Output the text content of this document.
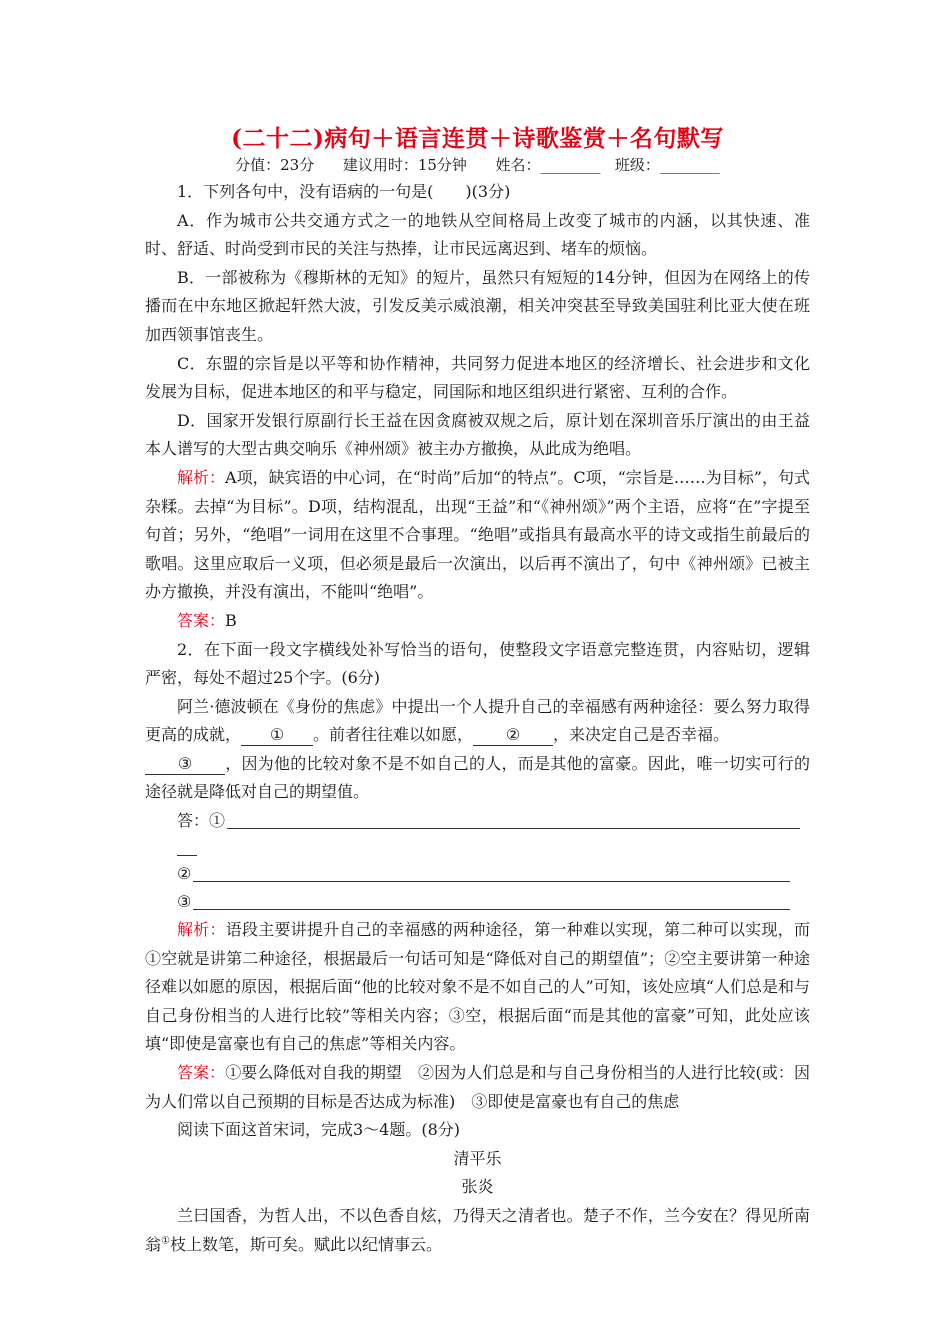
(二十二)病句＋语言连贯＋诗歌鉴赏＋名句默写
分值：23分 建议用时：15分钟 姓名：________ 班级：________

1．下列各句中，没有语病的一句是(　　)(3分)

A．作为城市公共交通方式之一的地铁从空间格局上改变了城市的内涵，以其快速、准时、舒适、时尚受到市民的关注与热捧，让市民远离迟到、堵车的烦恼。

B．一部被称为《穆斯林的无知》的短片，虽然只有短短的14分钟，但因为在网络上的传播而在中东地区掀起轩然大波，引发反美示威浪潮，相关冲突甚至导致美国驻利比亚大使在班加西领事馆丧生。

C．东盟的宗旨是以平等和协作精神，共同努力促进本地区的经济增长、社会进步和文化发展为目标，促进本地区的和平与稳定，同国际和地区组织进行紧密、互利的合作。

D．国家开发银行原副行长王益在因贪腐被双规之后，原计划在深圳音乐厅演出的由王益本人谱写的大型古典交响乐《神州颂》被主办方撤换，从此成为绝唱。

解析：A项，缺宾语的中心词，在“时尚”后加“的特点”。C项，“宗旨是……为目标”，句式杂糅。去掉“为目标”。D项，结构混乱，出现“王益”和“《神州颂》”两个主语，应将“在”字提至句首；另外，“绝唱”一词用在这里不合事理。“绝唱”或指具有最高水平的诗文或指生前最后的歌唱。这里应取后一义项，但必须是最后一次演出，以后再不演出了，句中《神州颂》已被主办方撤换，并没有演出，不能叫“绝唱”。

答案：B

2．在下面一段文字横线处补写恰当的语句，使整段文字语意完整连贯，内容贴切，逻辑严密，每处不超过25个字。(6分)

阿兰·德波顿在《身份的焦虑》中提出一个人提升自己的幸福感有两种途径：要么努力取得更高的成就， ① 。前者往往难以如愿， ② ，来决定自己是否幸福。
③ ，因为他的比较对象不是不如自己的人，而是其他的富豪。因此，唯一切实可行的途径就是降低对自己的期望值。

答：①
②
③

解析：语段主要讲提升自己的幸福感的两种途径，第一种难以实现，第二种可以实现，而①空就是讲第二种途径，根据最后一句话可知是“降低对自己的期望值”；②空主要讲第一种途径难以如愿的原因，根据后面“他的比较对象不是不如自己的人”可知，该处应填“人们总是和与自己身份相当的人进行比较”等相关内容；③空，根据后面“而是其他的富豪”可知，此处应该填“即使是富豪也有自己的焦虑”等相关内容。

答案：①要么降低对自我的期望　②因为人们总是和与自己身份相当的人进行比较(或：因为人们常以自己预期的目标是否达成为标准)　③即使是富豪也有自己的焦虑

阅读下面这首宋词，完成3～4题。(8分)

清平乐

张炎

兰曰国香，为哲人出，不以色香自炫，乃得天之清者也。楚子不作，兰今安在？得见所南翁①枝上数笔，斯可矣。赋此以纪情事云。
